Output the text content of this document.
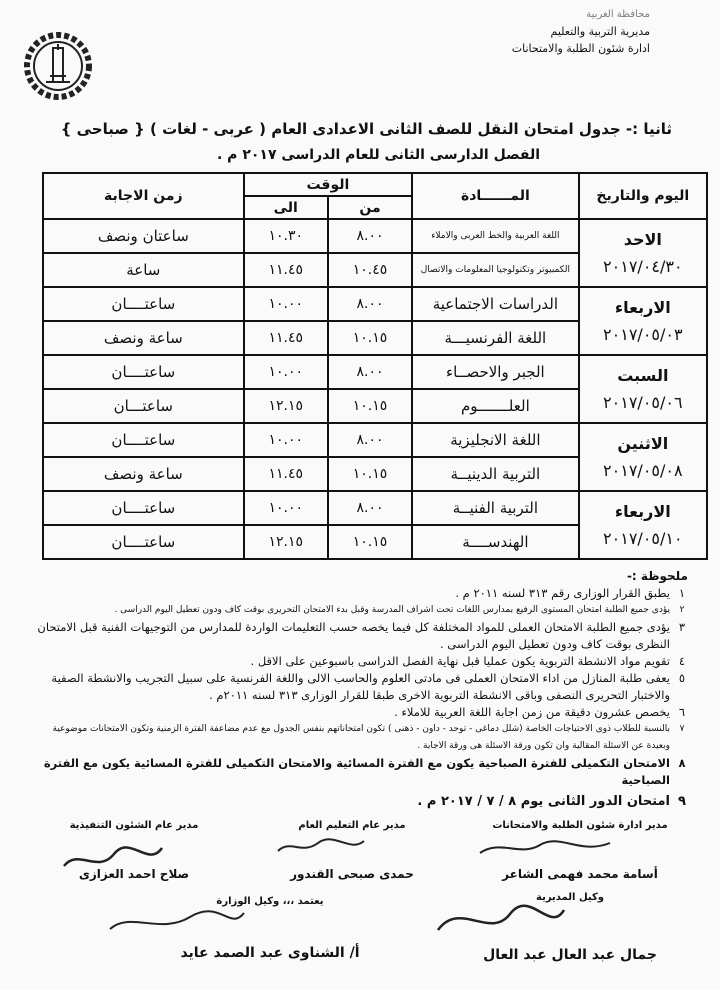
محافظة الغربية
مديرية التربية والتعليم
ادارة شئون الطلبة والامتحانات
ثانيا :- جدول امتحان النقل للصف الثانى الاعدادى العام ( عربى - لغات ) { صباحى }
الفصل الدارسى الثانى للعام الدراسى ٢٠١٧ م .
اليوم والتاريخ	المــــــادة	الوقت		زمن الاجابة
		من	الى	

الاحد
٢٠١٧/٠٤/٣٠	اللغة العربية والخط العربى والاملاء	٨.٠٠	١٠.٣٠	ساعتان ونصف
	الكمبيوتر وتكنولوجيا المعلومات والاتصال	١٠.٤٥	١١.٤٥	ساعة

الاربعاء
٢٠١٧/٠٥/٠٣	الدراسات الاجتماعية	٨.٠٠	١٠.٠٠	ساعتــــان
	اللغة الفرنسيـــة	١٠.١٥	١١.٤٥	ساعة ونصف

السبت
٢٠١٧/٠٥/٠٦	الجبر والاحصــاء	٨.٠٠	١٠.٠٠	ساعتــــان
	العلـــــــوم	١٠.١٥	١٢.١٥	ساعتـــان

الاثنين
٢٠١٧/٠٥/٠٨	اللغة الانجليزية	٨.٠٠	١٠.٠٠	ساعتــــان
	التربية الدينيــة	١٠.١٥	١١.٤٥	ساعة ونصف

الاربعاء
٢٠١٧/٠٥/١٠	التربية الفنيــة	٨.٠٠	١٠.٠٠	ساعتــــان
	الهندســــة	١٠.١٥	١٢.١٥	ساعتــــان
ملحوظة :-
١
يطبق القرار الوزارى رقم ٣١٣ لسنه ٢٠١١ م .
٢
يؤدى جميع الطلبة امتحان المستوى الرفيع بمدارس اللغات تحت اشراف المدرسة وقبل بدء الامتحان التحريرى بوقت كاف ودون تعطيل اليوم الدراسى .
٣
يؤدى جميع الطلبة الامتحان العملى للمواد المختلفة كل فيما يخصه حسب التعليمات الواردة للمدارس من التوجيهات الفنية قبل الامتحان النظرى بوقت كاف ودون تعطيل اليوم الدراسى .
٤
تقويم مواد الانشطة التربوية يكون عمليا قبل نهاية الفصل الدراسى باسبوعين على الاقل .
٥
يعفى طلبة المنازل من اداء الامتحان العملى فى مادتى العلوم والحاسب الالى واللغة الفرنسية على سبيل التجريب والانشطة الصفية والاختبار التحريرى النصفى وباقى الانشطة التربوية الاخرى طبقا للقرار الوزارى ٣١٣ لسنه ٢٠١١م .
٦
يخصص عشرون دقيقة من زمن اجابة اللغة العربية للاملاء .
٧
بالنسبة للطلاب ذوى الاحتياجات الخاصة (شلل دماغى - توحد - داون - ذهنى ) تكون امتحاناتهم بنفس الجدول مع عدم مضاعفة الفترة الزمنية وتكون الامتحانات موضوعية وبعيدة عن الاسئلة المقالية وان تكون ورقة الاسئلة هى ورقة الاجابة .
٨
الامتحان التكميلى للفترة الصباحية يكون مع الفترة المسائية والامتحان التكميلى للفترة المسائية يكون مع الفترة الصباحية
٩
امتحان الدور الثانى يوم ٨ / ٧ / ٢٠١٧ م .
مدير ادارة شئون الطلبة والامتحانات
أسامة محمد فهمى الشاعر
مدير عام التعليم العام
حمدى صبحى القندور
مدير عام الشئون التنفيذية
صلاح احمد العزازى
وكيل المديرية
جمال عبد العال عبد العال
يعتمد ،،، وكيل الوزارة
أ/ الشناوى عبد الصمد عايد
